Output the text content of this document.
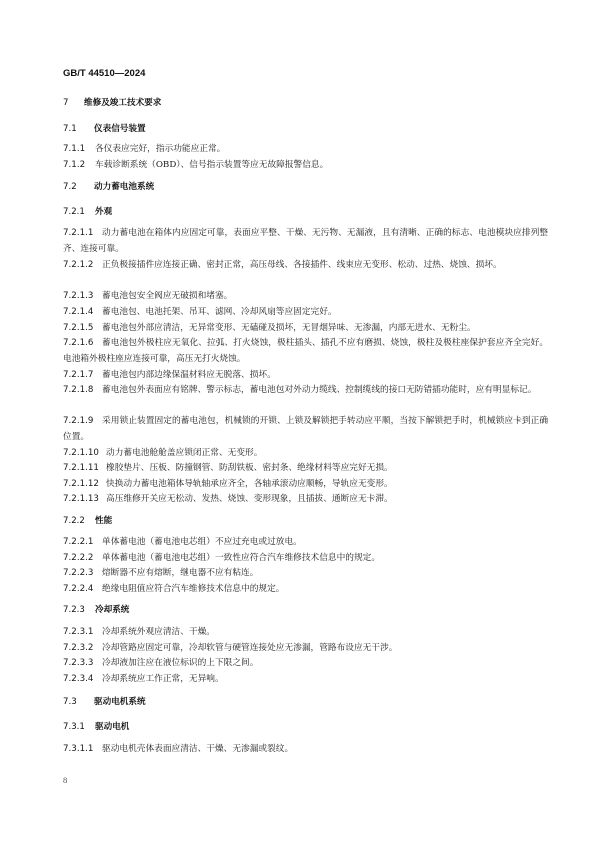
GB/T 44510—2024
7 维修及竣工技术要求
7.1 仪表信号装置
7.1.1 各仪表应完好，指示功能应正常。
7.1.2 车载诊断系统（OBD）、信号指示装置等应无故障报警信息。
7.2 动力蓄电池系统
7.2.1 外观
7.2.1.1 动力蓄电池在箱体内应固定可靠，表面应平整、干燥、无污物、无漏液，且有清晰、正确的标志、电池模块应排列整齐、连接可靠。
7.2.1.2 正负极接插件应连接正确、密封正常，高压母线、各接插件、线束应无变形、松动、过热、烧蚀、损坏。
7.2.1.3 蓄电池包安全阀应无破损和堵塞。
7.2.1.4 蓄电池包、电池托架、吊耳、滤网、冷却风扇等应固定完好。
7.2.1.5 蓄电池包外部应清洁，无异常变形、无磕碰及损坏，无冒烟异味、无渗漏，内部无进水、无粉尘。
7.2.1.6 蓄电池包外极柱应无氧化、拉弧、打火烧蚀，极柱插头、插孔不应有磨损、烧蚀，极柱及极柱座保护套应齐全完好。电池箱外极柱座应连接可靠，高压无打火烧蚀。
7.2.1.7 蓄电池包内部边缘保温材料应无脱落、损坏。
7.2.1.8 蓄电池包外表面应有铭牌、警示标志，蓄电池包对外动力缆线、控制缆线的接口无防错插功能时，应有明显标记。
7.2.1.9 采用锁止装置固定的蓄电池包，机械锁的开锁、上锁及解锁把手转动应平顺，当按下解锁把手时，机械锁应卡到正确位置。
7.2.1.10 动力蓄电池舱舱盖应锁闭正常、无变形。
7.2.1.11 橡胶垫片、压板、防撞钢管、防刮铁板、密封条、绝缘材料等应完好无损。
7.2.1.12 快换动力蓄电池箱体导轨轴承应齐全，各轴承滚动应顺畅，导轨应无变形。
7.2.1.13 高压维修开关应无松动、发热、烧蚀、变形现象，且插拔、通断应无卡滞。
7.2.2 性能
7.2.2.1 单体蓄电池（蓄电池电芯组）不应过充电或过放电。
7.2.2.2 单体蓄电池（蓄电池电芯组）一致性应符合汽车维修技术信息中的规定。
7.2.2.3 熔断器不应有熔断，继电器不应有粘连。
7.2.2.4 绝缘电阻值应符合汽车维修技术信息中的规定。
7.2.3 冷却系统
7.2.3.1 冷却系统外观应清洁、干燥。
7.2.3.2 冷却管路应固定可靠，冷却软管与硬管连接处应无渗漏，管路布设应无干涉。
7.2.3.3 冷却液加注应在液位标识的上下限之间。
7.2.3.4 冷却系统应工作正常，无异响。
7.3 驱动电机系统
7.3.1 驱动电机
7.3.1.1 驱动电机壳体表面应清洁、干燥、无渗漏或裂纹。
8
